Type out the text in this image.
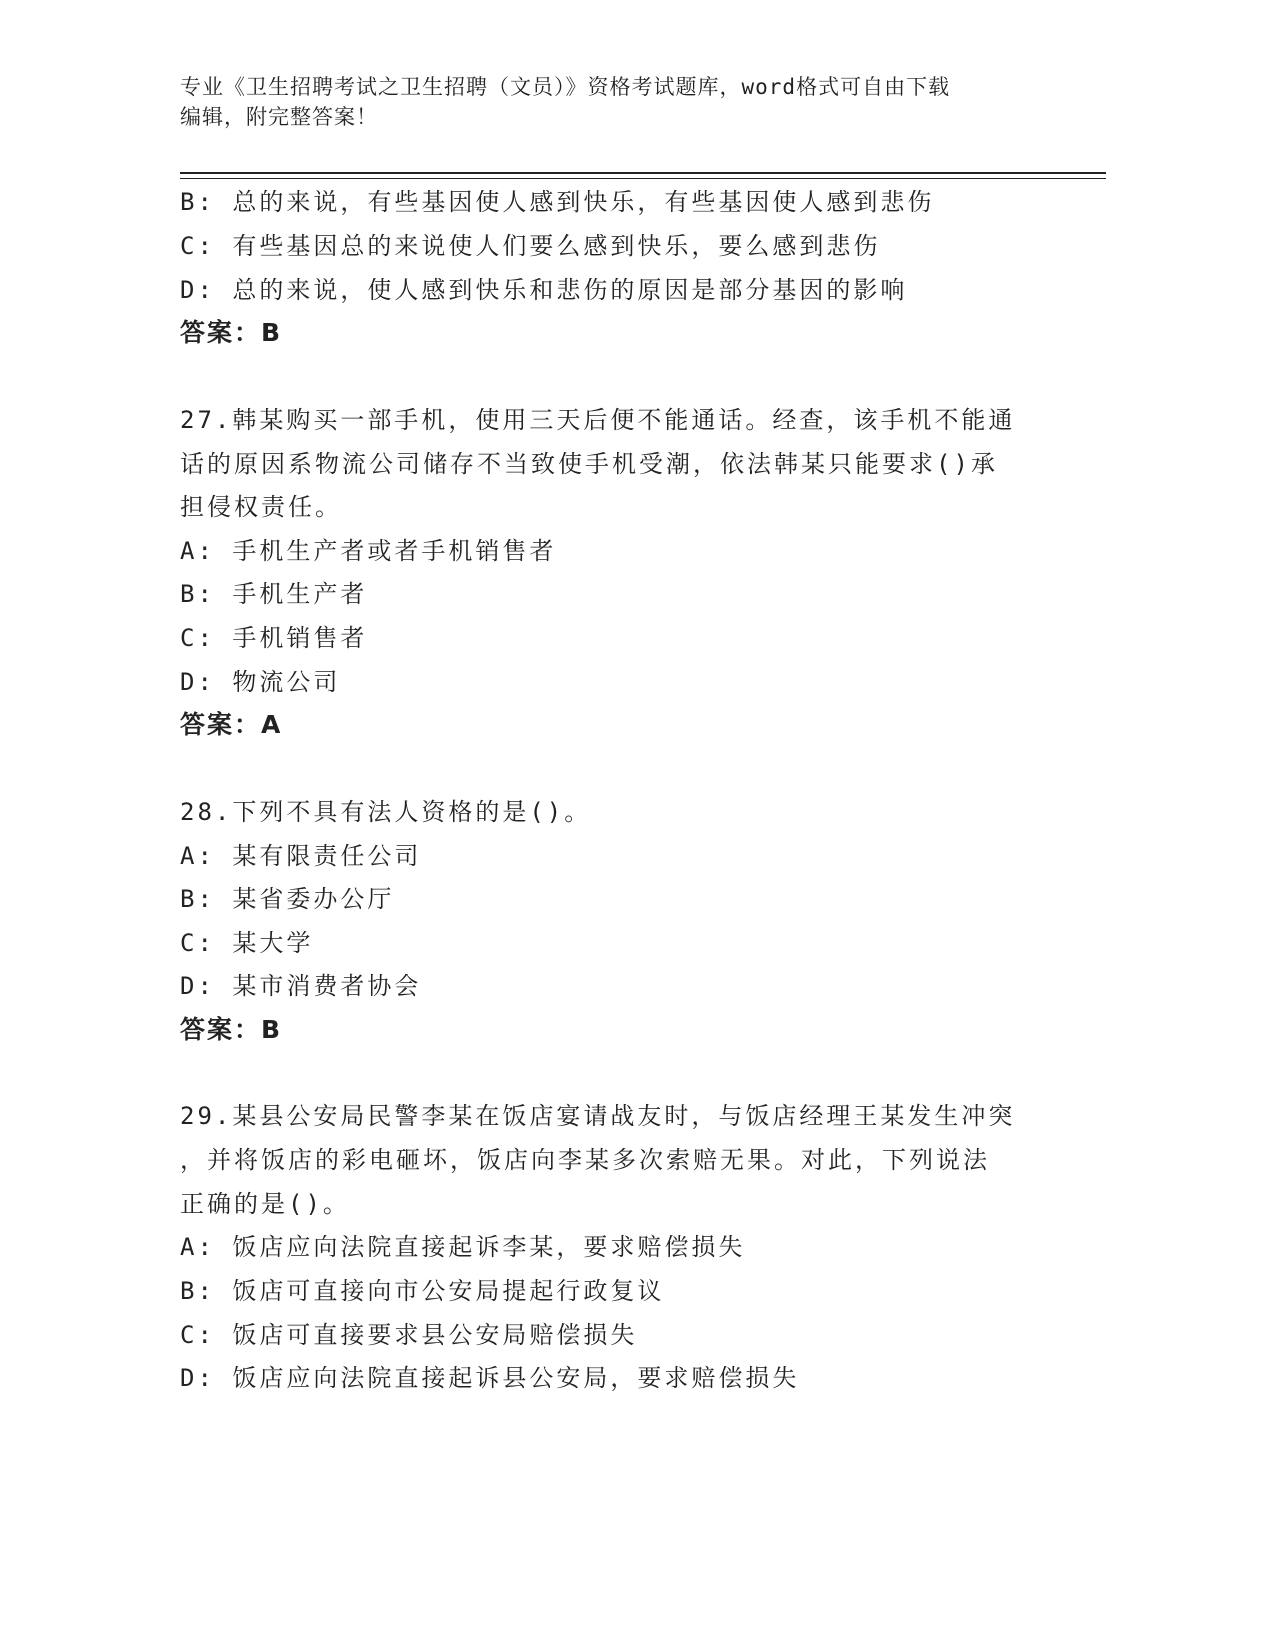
专业《卫生招聘考试之卫生招聘（文员）》资格考试题库，word格式可自由下载
编辑，附完整答案！
B: 总的来说，有些基因使人感到快乐，有些基因使人感到悲伤
C: 有些基因总的来说使人们要么感到快乐，要么感到悲伤
D: 总的来说，使人感到快乐和悲伤的原因是部分基因的影响
答案：B
27.韩某购买一部手机，使用三天后便不能通话。经查，该手机不能通
话的原因系物流公司储存不当致使手机受潮，依法韩某只能要求()承
担侵权责任。
A: 手机生产者或者手机销售者
B: 手机生产者
C: 手机销售者
D: 物流公司
答案：A
28.下列不具有法人资格的是()。
A: 某有限责任公司
B: 某省委办公厅
C: 某大学
D: 某市消费者协会
答案：B
29.某县公安局民警李某在饭店宴请战友时，与饭店经理王某发生冲突
，并将饭店的彩电砸坏，饭店向李某多次索赔无果。对此，下列说法
正确的是()。
A: 饭店应向法院直接起诉李某，要求赔偿损失
B: 饭店可直接向市公安局提起行政复议
C: 饭店可直接要求县公安局赔偿损失
D: 饭店应向法院直接起诉县公安局，要求赔偿损失
